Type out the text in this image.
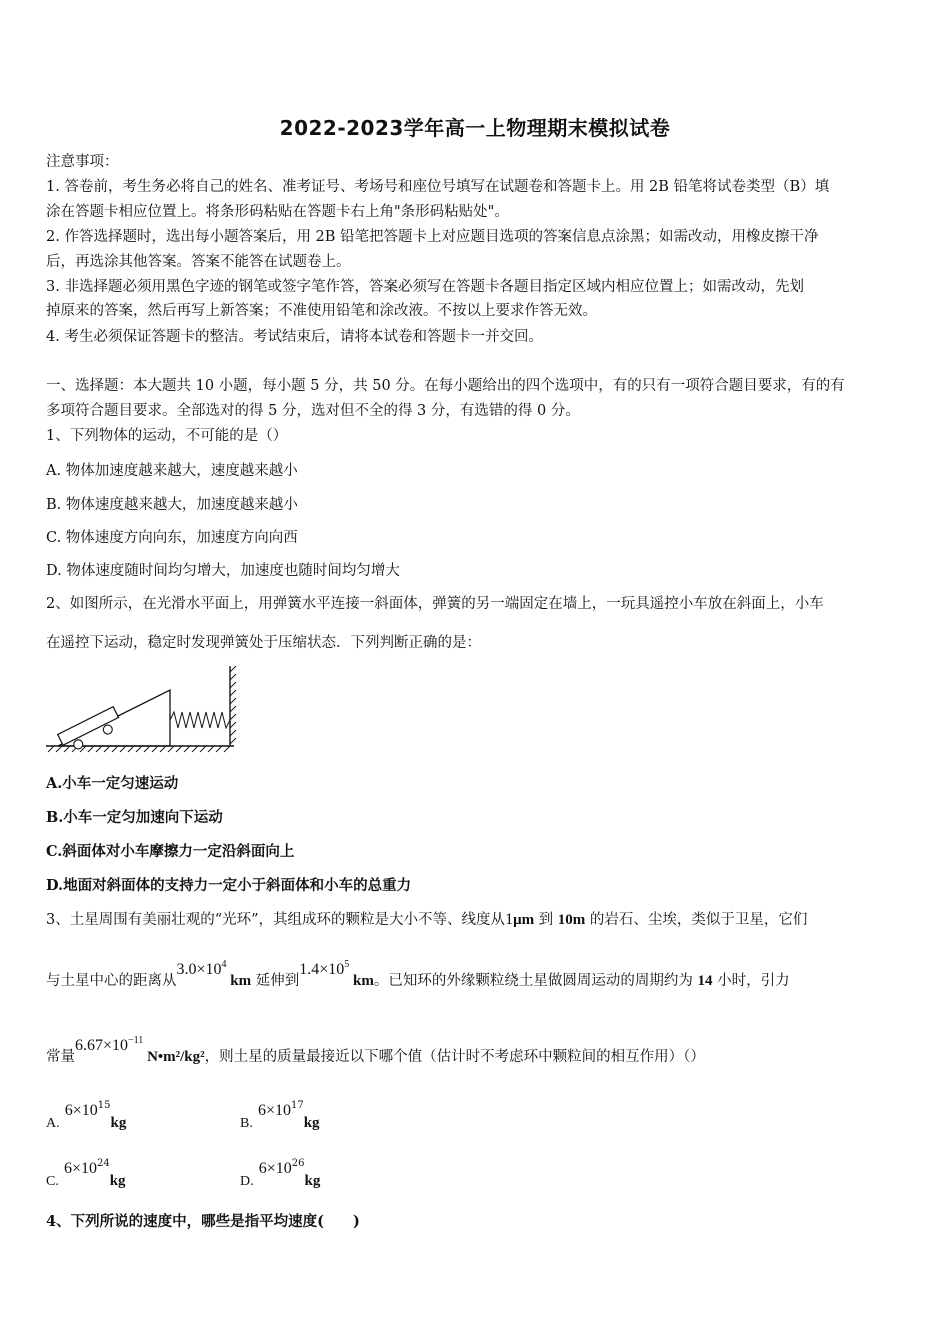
2022-2023学年高一上物理期末模拟试卷
注意事项：
1. 答卷前，考生务必将自己的姓名、准考证号、考场号和座位号填写在试题卷和答题卡上。用 2B 铅笔将试卷类型（B）填
涂在答题卡相应位置上。将条形码粘贴在答题卡右上角"条形码粘贴处"。
2. 作答选择题时，选出每小题答案后，用 2B 铅笔把答题卡上对应题目选项的答案信息点涂黑；如需改动，用橡皮擦干净
后，再选涂其他答案。答案不能答在试题卷上。
3. 非选择题必须用黑色字迹的钢笔或签字笔作答，答案必须写在答题卡各题目指定区域内相应位置上；如需改动，先划
掉原来的答案，然后再写上新答案；不准使用铅笔和涂改液。不按以上要求作答无效。
4. 考生必须保证答题卡的整洁。考试结束后，请将本试卷和答题卡一并交回。
一、选择题：本大题共 10 小题，每小题 5 分，共 50 分。在每小题给出的四个选项中，有的只有一项符合题目要求，有的有
多项符合题目要求。全部选对的得 5 分，选对但不全的得 3 分，有选错的得 0 分。
1、下列物体的运动，不可能的是（）
A. 物体加速度越来越大，速度越来越小
B. 物体速度越来越大，加速度越来越小
C. 物体速度方向向东，加速度方向向西
D. 物体速度随时间均匀增大，加速度也随时间均匀增大
2、如图所示，在光滑水平面上，用弹簧水平连接一斜面体，弹簧的另一端固定在墙上，一玩具遥控小车放在斜面上，小车
在遥控下运动，稳定时发现弹簧处于压缩状态．下列判断正确的是：
A.小车一定匀速运动
B.小车一定匀加速向下运动
C.斜面体对小车摩擦力一定沿斜面向上
D.地面对斜面体的支持力一定小于斜面体和小车的总重力
3、土星周围有美丽壮观的“光环”，其组成环的颗粒是大小不等、线度从1μm 到 10m 的岩石、尘埃，类似于卫星，它们
与土星中心的距离从$3.0\times 10^4$ km 延伸到$1.4\times 10^5$ km。已知环的外缘颗粒绕土星做圆周运动的周期约为 14 小时，引力
常量$6.67\times 10^{-11}$ N•m²/kg²，则土星的质量最接近以下哪个值（估计时不考虑环中颗粒间的相互作用）（）
A. $6\times 10^{15}kg$	B. $6\times 10^{17}kg$
C. $6\times 10^{24}kg$	D. $6\times 10^{26}kg$
4、下列所说的速度中，哪些是指平均速度(　　)
